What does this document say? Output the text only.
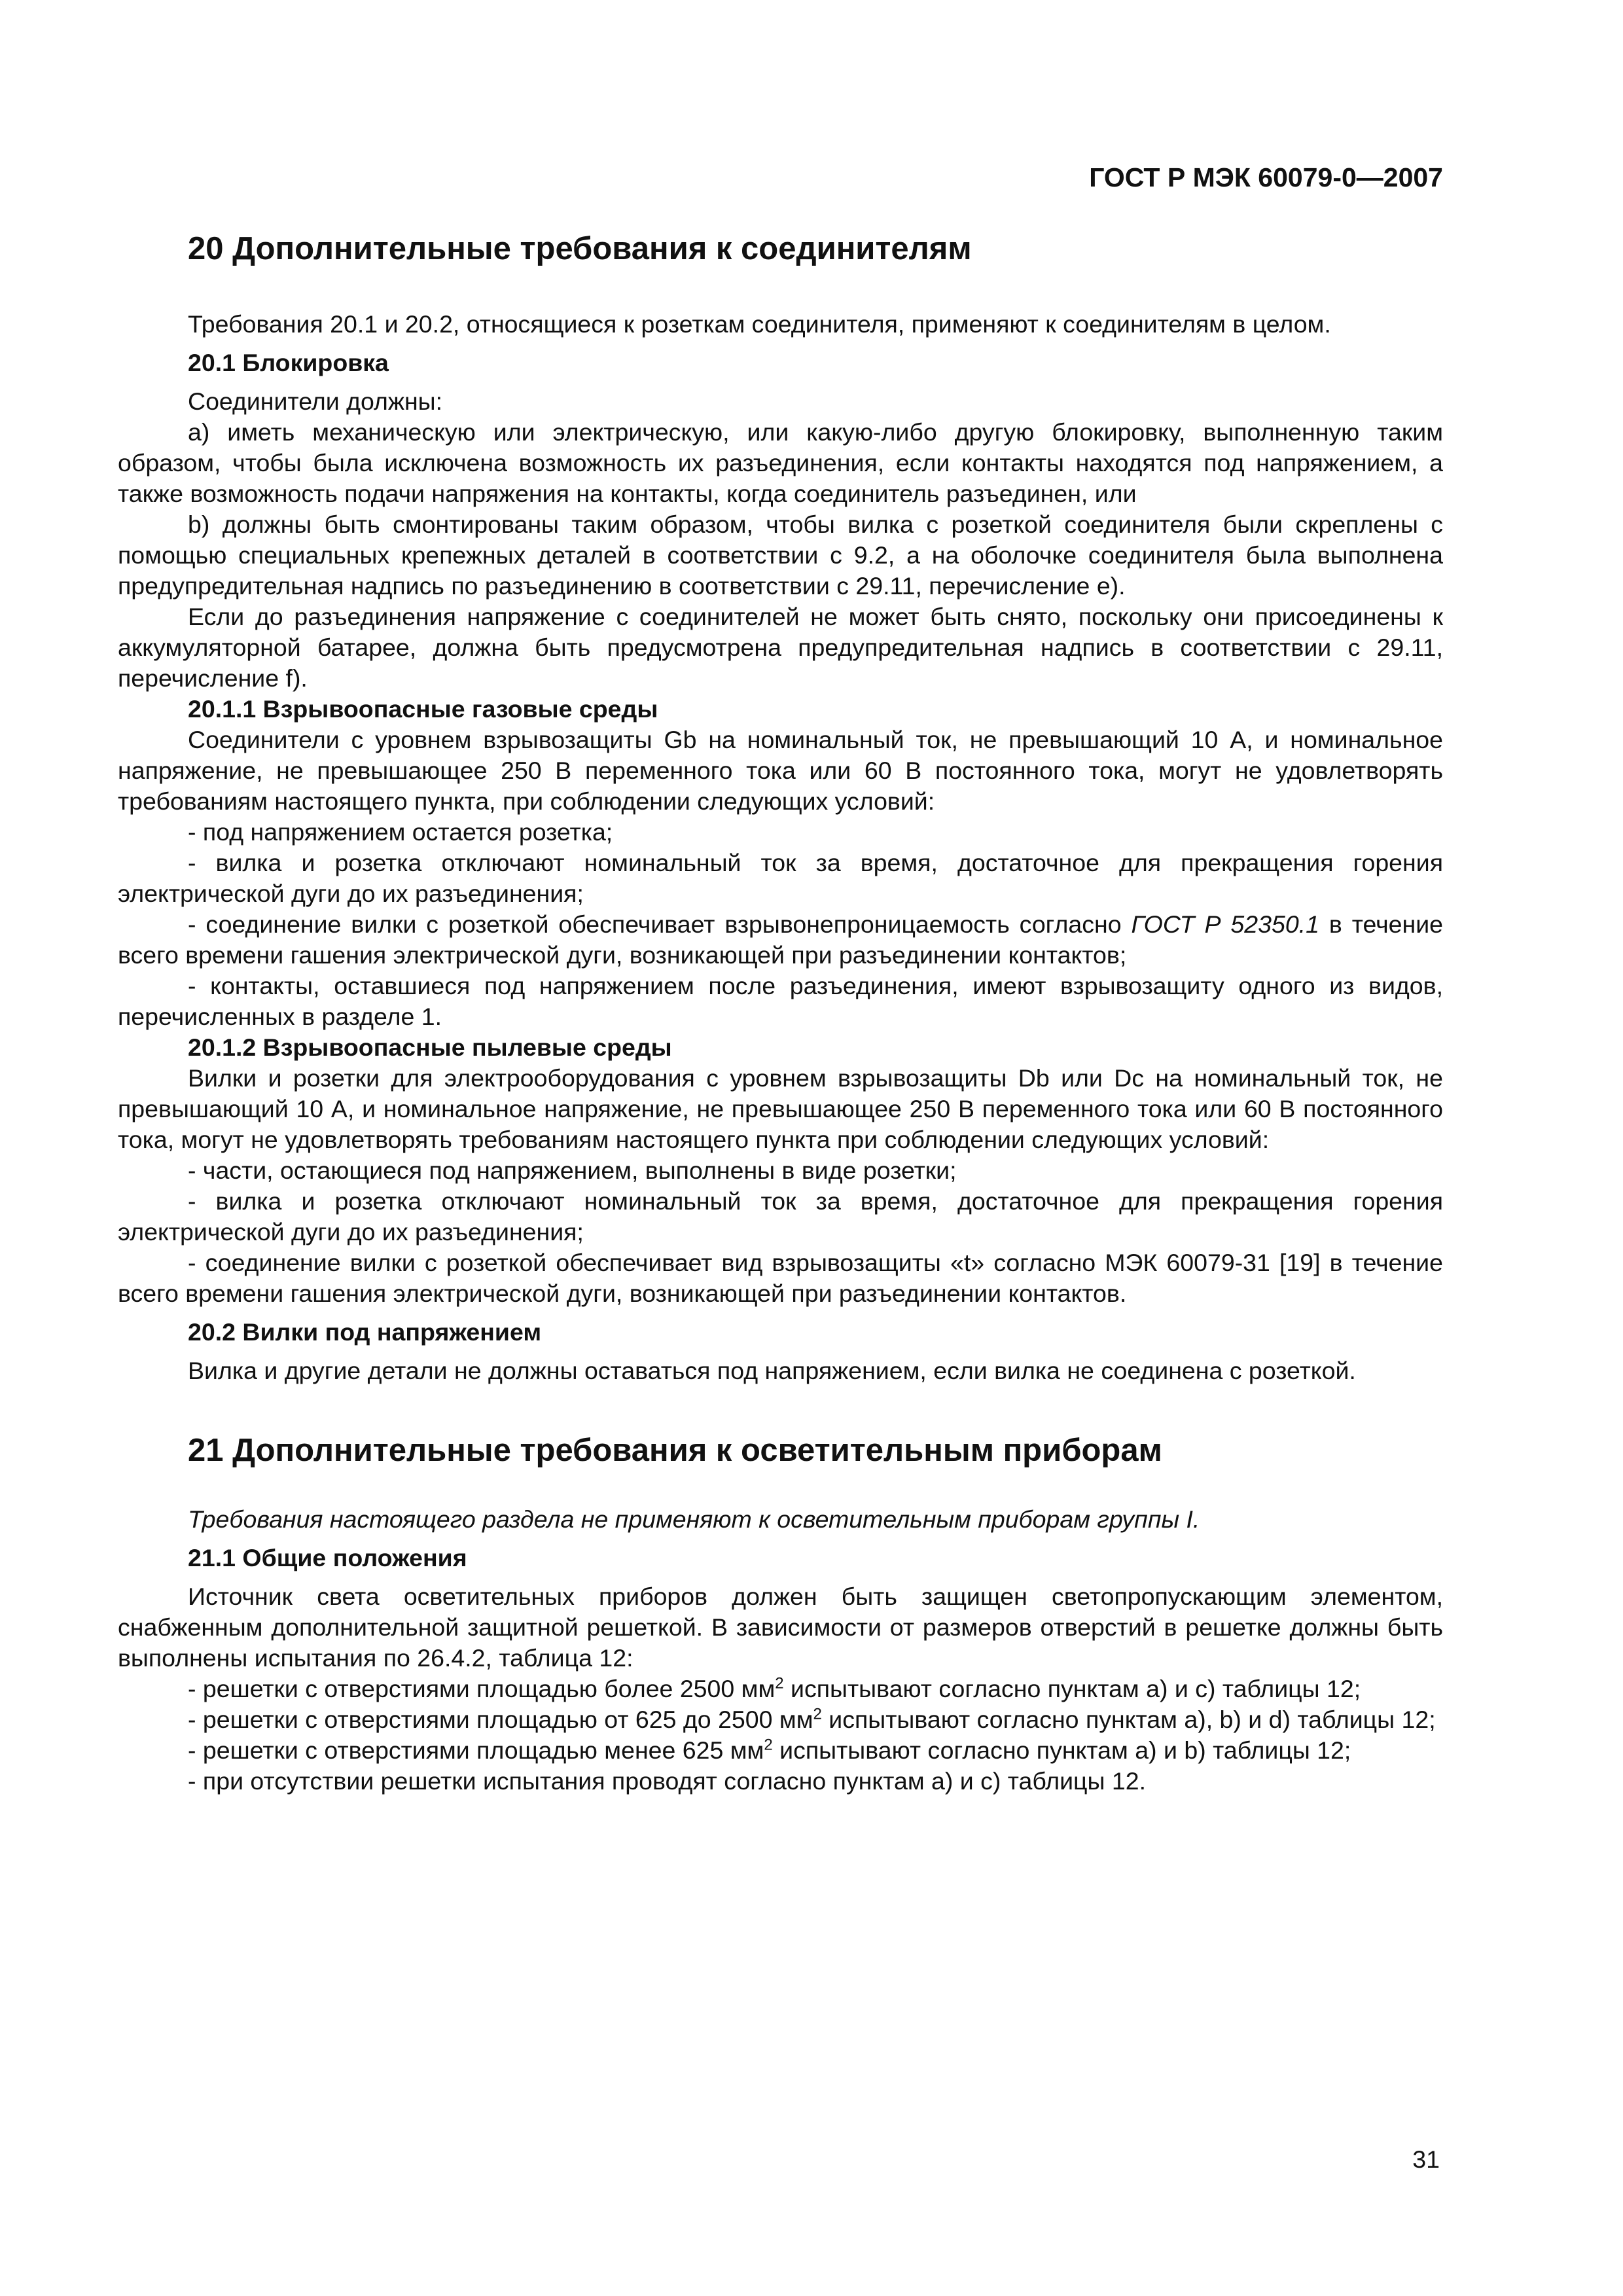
ГОСТ Р МЭК 60079-0—2007
20 Дополнительные требования к соединителям

Требования 20.1 и 20.2, относящиеся к розеткам соединителя, применяют к соединителям в целом.

20.1 Блокировка

Соединители должны:

a) иметь механическую или электрическую, или какую-либо другую блокировку, выполненную таким образом, чтобы была исключена возможность их разъединения, если контакты находятся под напряжением, а также возможность подачи напряжения на контакты, когда соединитель разъединен, или

b) должны быть смонтированы таким образом, чтобы вилка с розеткой соединителя были скреплены с помощью специальных крепежных деталей в соответствии с 9.2, а на оболочке соединителя была выполнена предупредительная надпись по разъединению в соответствии с 29.11, перечисление e).

Если до разъединения напряжение с соединителей не может быть снято, поскольку они присоединены к аккумуляторной батарее, должна быть предусмотрена предупредительная надпись в соответствии с 29.11, перечисление f).

20.1.1 Взрывоопасные газовые среды

Соединители с уровнем взрывозащиты Gb на номинальный ток, не превышающий 10 А, и номинальное напряжение, не превышающее 250 В переменного тока или 60 В постоянного тока, могут не удовлетворять требованиям настоящего пункта, при соблюдении следующих условий:

- под напряжением остается розетка;

- вилка и розетка отключают номинальный ток за время, достаточное для прекращения горения электрической дуги до их разъединения;

- соединение вилки с розеткой обеспечивает взрывонепроницаемость согласно ГОСТ Р 52350.1 в течение всего времени гашения электрической дуги, возникающей при разъединении контактов;

- контакты, оставшиеся под напряжением после разъединения, имеют взрывозащиту одного из видов, перечисленных в разделе 1.

20.1.2 Взрывоопасные пылевые среды

Вилки и розетки для электрооборудования с уровнем взрывозащиты Db или Dc на номинальный ток, не превышающий 10 А, и номинальное напряжение, не превышающее 250 В переменного тока или 60 В постоянного тока, могут не удовлетворять требованиям настоящего пункта при соблюдении следующих условий:

- части, остающиеся под напряжением, выполнены в виде розетки;

- вилка и розетка отключают номинальный ток за время, достаточное для прекращения горения электрической дуги до их разъединения;

- соединение вилки с розеткой обеспечивает вид взрывозащиты «t» согласно МЭК 60079-31 [19] в течение всего времени гашения электрической дуги, возникающей при разъединении контактов.

20.2 Вилки под напряжением

Вилка и другие детали не должны оставаться под напряжением, если вилка не соединена с розеткой.

21 Дополнительные требования к осветительным приборам

Требования настоящего раздела не применяют к осветительным приборам группы I.

21.1 Общие положения

Источник света осветительных приборов должен быть защищен светопропускающим элементом, снабженным дополнительной защитной решеткой. В зависимости от размеров отверстий в решетке должны быть выполнены испытания по 26.4.2, таблица 12:

- решетки с отверстиями площадью более 2500 $мм^2$ испытывают согласно пунктам a) и c) таблицы 12;

- решетки с отверстиями площадью от 625 до 2500 $мм^2$ испытывают согласно пунктам a), b) и d) таблицы 12;

- решетки с отверстиями площадью менее 625 $мм^2$ испытывают согласно пунктам a) и b) таблицы 12;

- при отсутствии решетки испытания проводят согласно пунктам a) и c) таблицы 12.

31
